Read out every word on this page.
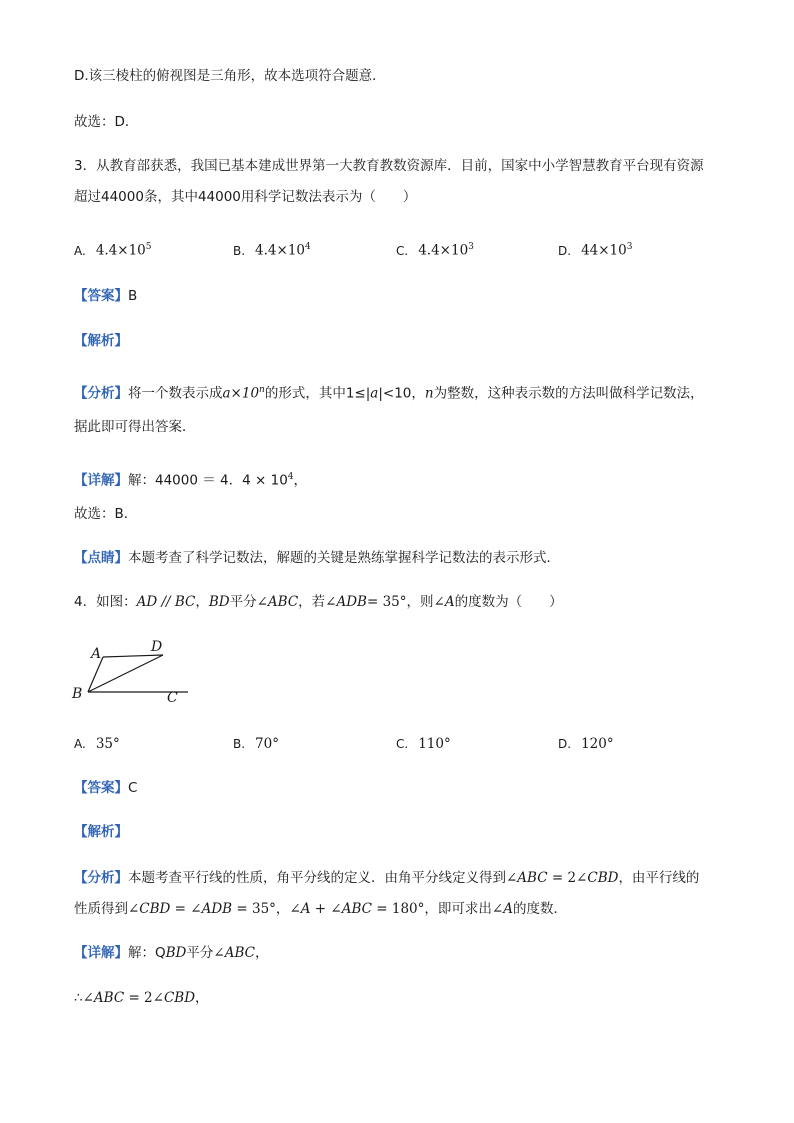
D.该三棱柱的俯视图是三角形，故本选项符合题意．
故选：D．
3．从教育部获悉，我国已基本建成世界第一大教育教数资源库．目前，国家中小学智慧教育平台现有资源
超过44000条，其中44000用科学记数法表示为（　　）
A. $4.4\times 10^5$	B. $4.4\times 10^4$	C. $4.4\times 10^3$	D. $44\times 10^3$
【答案】B
【解析】
【分析】将一个数表示成$a\times 10^n$的形式，其中1≤|a|<10，n为整数，这种表示数的方法叫做科学记数法，
据此即可得出答案．
【详解】解：44000 ＝ 4．$4 \times 10^4$，
故选：B．
【点睛】本题考查了科学记数法，解题的关键是熟练掌握科学记数法的表示形式．
4．如图：AD // BC，BD平分∠ABC，若∠ADB= 35°，则∠A的度数为（　　）
A	D
B	C
A. 35°	B. 70°	C. 110°	D. 120°
【答案】C
【解析】
【分析】本题考查平行线的性质，角平分线的定义．由角平分线定义得到∠ABC = 2∠CBD，由平行线的
性质得到∠CBD = ∠ADB = 35°，∠A + ∠ABC = 180°，即可求出∠A的度数．
【详解】解：QBD平分∠ABC，
∴∠ABC = 2∠CBD，
